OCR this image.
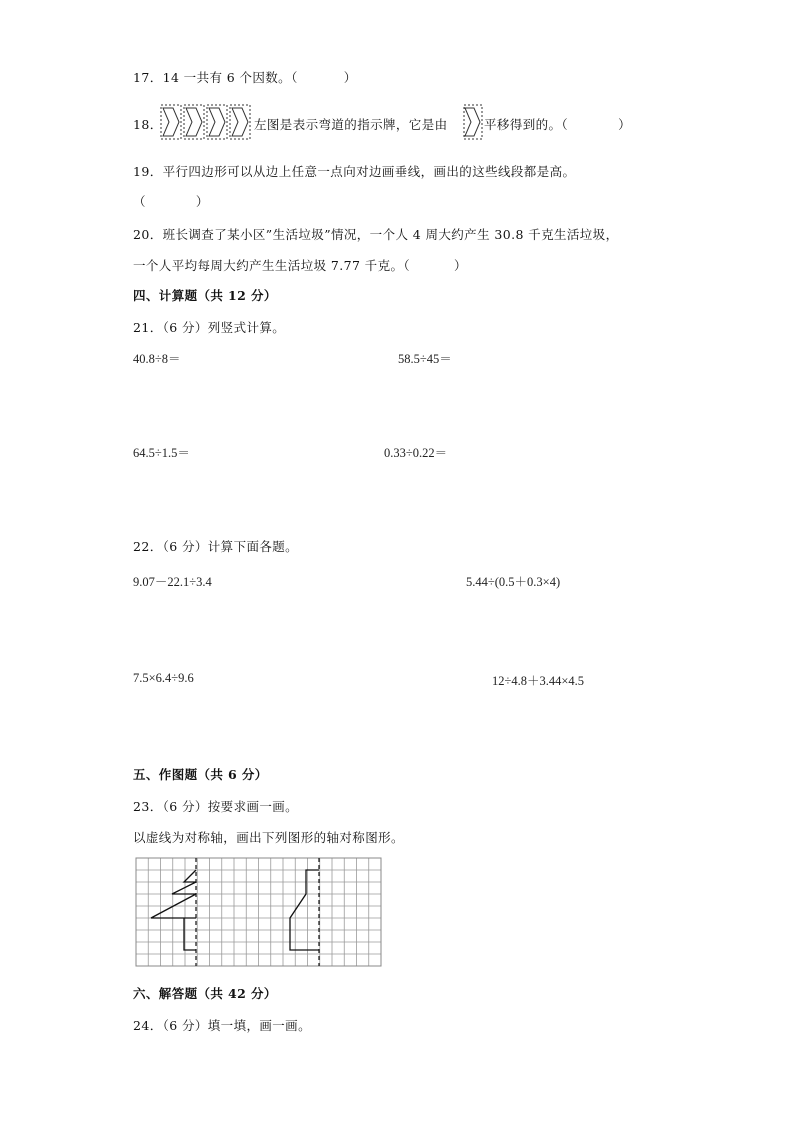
17．14 一共有 6 个因数。（	）
18．	左图是表示弯道的指示牌，它是由	平移得到的。（	）
19．平行四边形可以从边上任意一点向对边画垂线，画出的这些线段都是高。
（	）
20．班长调查了某小区”生活垃圾”情况，一个人 4 周大约产生 30.8 千克生活垃圾，
一个人平均每周大约产生生活垃圾 7.77 千克。（	）
四、计算题（共 12 分）
21．（6 分）列竖式计算。
40.8÷8＝	58.5÷45＝
64.5÷1.5＝	0.33÷0.22＝
22．（6 分）计算下面各题。
9.07－22.1÷3.4	5.44÷(0.5＋0.3×4)
7.5×6.4÷9.6	12÷4.8＋3.44×4.5
五、作图题（共 6 分）
23．（6 分）按要求画一画。
以虚线为对称轴，画出下列图形的轴对称图形。
六、解答题（共 42 分）
24．（6 分）填一填，画一画。
